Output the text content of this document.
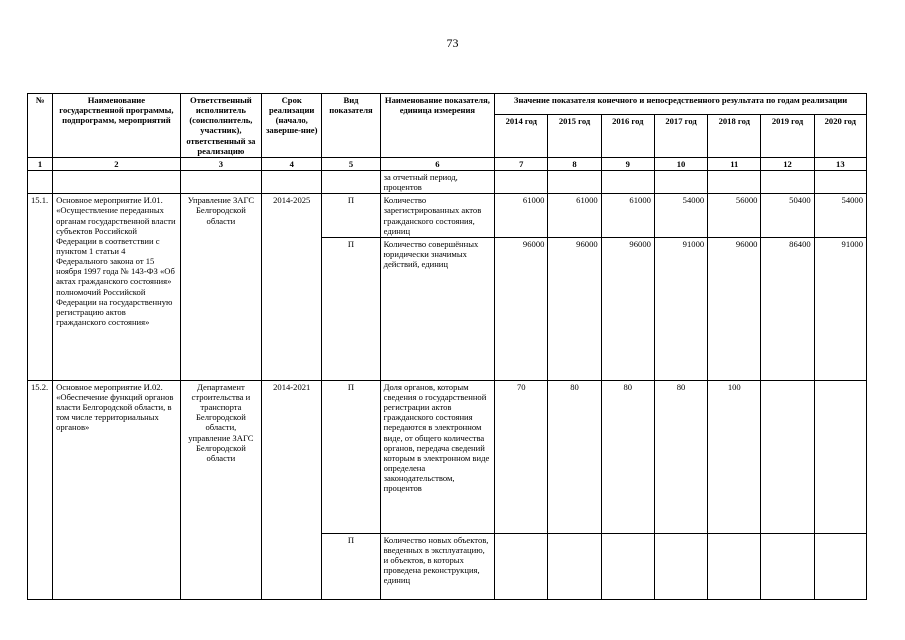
73
№	Наименование государственной программы, подпрограмм, мероприятий	Ответственный исполнитель (соисполнитель, участник), ответственный за реализацию	Срок реализации (начало, заверше-ние)	Вид показателя	Наименование показателя, единица измерения	Значение показателя конечного и непосредственного результата по годам реализации						
						2014 год	2015 год	2016 год	2017 год	2018 год	2019 год	2020 год
1	2	3	4	5	6	7	8	9	10	11	12	13
					за отчетный период, процентов							
15.1.	Основное мероприятие И.01. «Осуществление переданных органам государственной власти субъектов Российской Федерации в соответствии с пунктом 1 статьи 4 Федерального закона от 15 ноября 1997 года № 143-ФЗ «Об актах гражданского состояния» полномочий Российской Федерации на государственную регистрацию актов гражданского состояния»	Управление ЗАГС Белгородской области	2014-2025	П	Количество зарегистрированных актов гражданского состояния, единиц	61000	61000	61000	54000	56000	50400	54000
				П	Количество совершённых юридически значимых действий, единиц	96000	96000	96000	91000	96000	86400	91000
15.2.	Основное мероприятие И.02. «Обеспечение функций органов власти Белгородской области, в том числе территориальных органов»	Департамент строительства и транспорта Белгородской области, управление ЗАГС Белгородской области	2014-2021	П	Доля органов, которым сведения о государственной регистрации актов гражданского состояния передаются в электронном виде, от общего количества органов, передача сведений которым в электронном виде определена законодательством, процентов	70	80	80	80	100		
				П	Количество новых объектов, введенных в эксплуатацию, и объектов, в которых проведена реконструкция, единиц							
